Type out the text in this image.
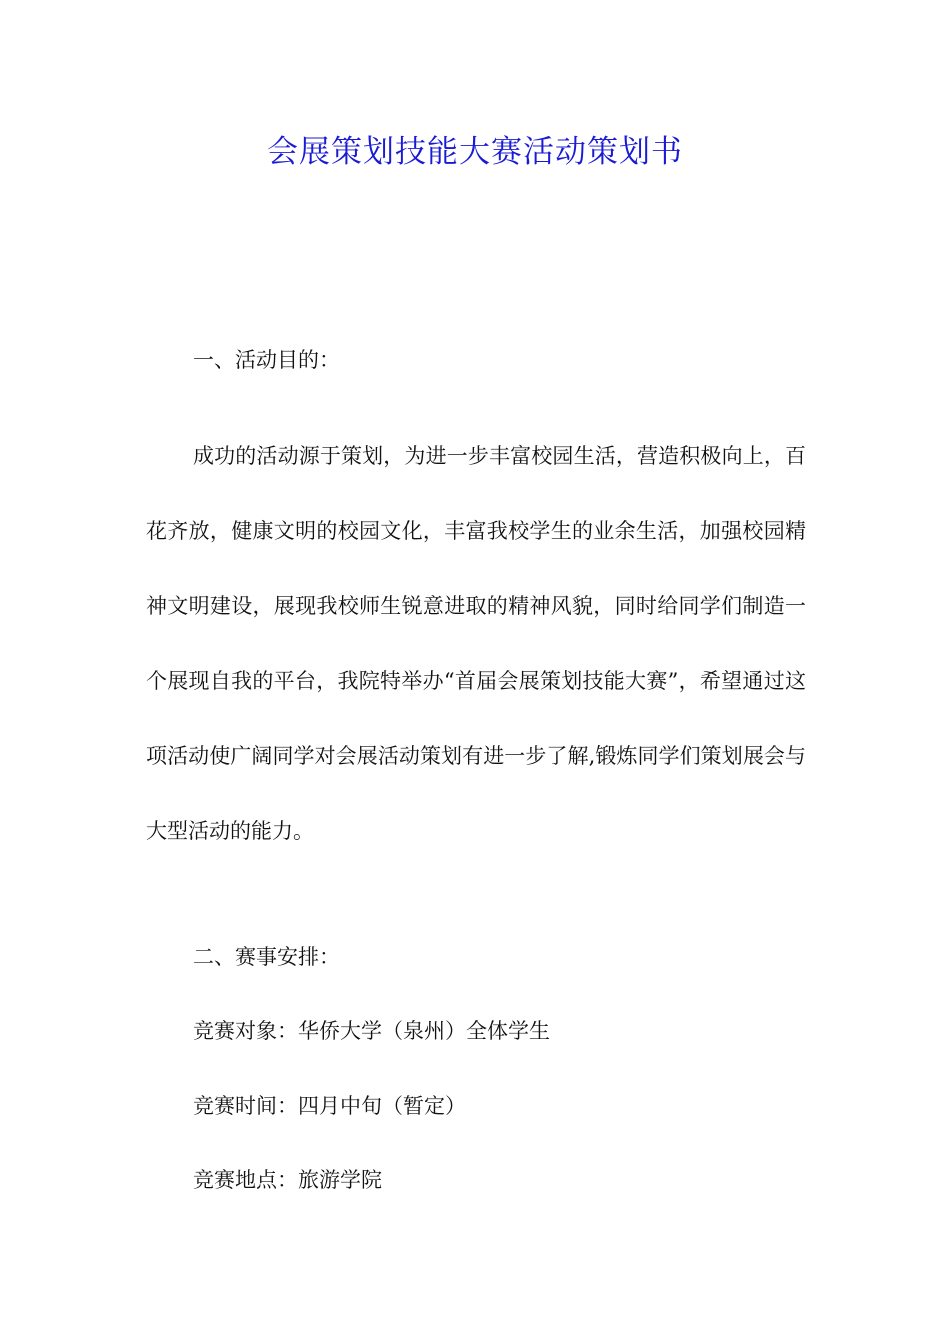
会展策划技能大赛活动策划书
一、活动目的：

成功的活动源于策划，为进一步丰富校园生活，营造积极向上，百花齐放，健康文明的校园文化，丰富我校学生的业余生活，加强校园精神文明建设，展现我校师生锐意进取的精神风貌，同时给同学们制造一个展现自我的平台，我院特举办“首届会展策划技能大赛”，希望通过这项活动使广阔同学对会展活动策划有进一步了解,锻炼同学们策划展会与大型活动的能力。

二、赛事安排：
竞赛对象：华侨大学（泉州）全体学生
竞赛时间：四月中旬（暂定）
竞赛地点：旅游学院
